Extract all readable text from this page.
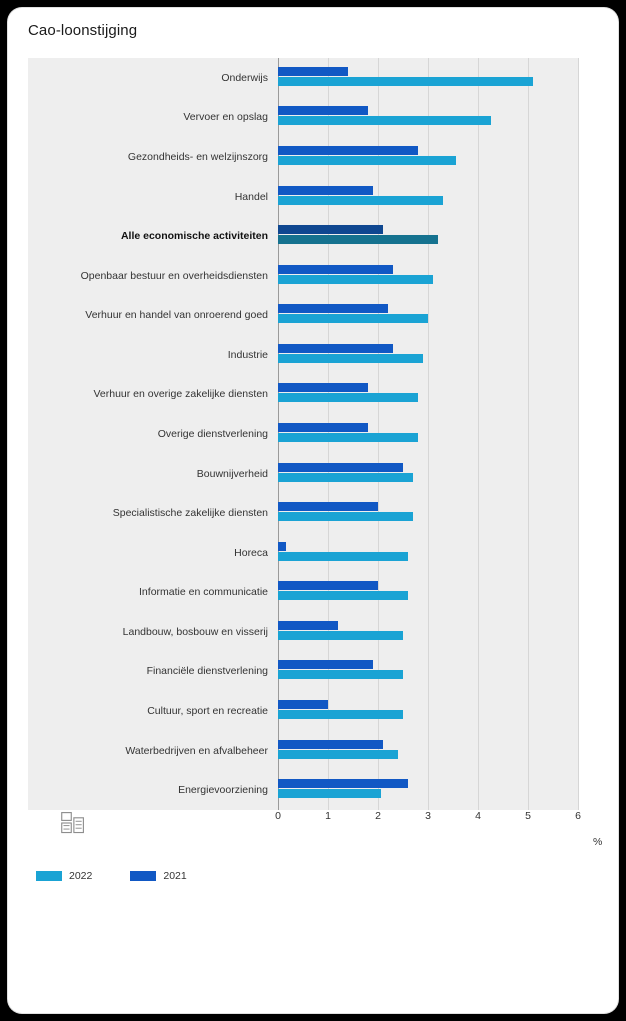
Cao-loonstijging
Onderwijs
Vervoer en opslag
Gezondheids- en welzijnszorg
Handel
Alle economische activiteiten
Openbaar bestuur en overheidsdiensten
Verhuur en handel van onroerend goed
Industrie
Verhuur en overige zakelijke diensten
Overige dienstverlening
Bouwnijverheid
Specialistische zakelijke diensten
Horeca
Informatie en communicatie
Landbouw, bosbouw en visserij
Financiële dienstverlening
Cultuur, sport en recreatie
Waterbedrijven en afvalbeheer
Energievoorziening
0	1	2	3	4	5	6
%
2022	2021
